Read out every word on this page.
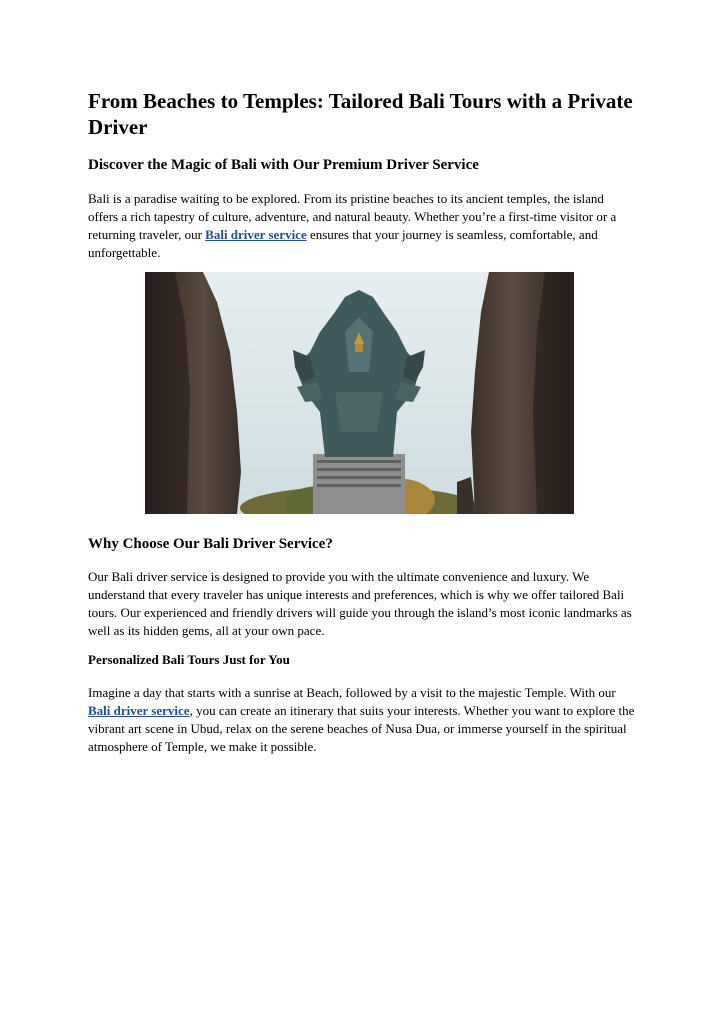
From Beaches to Temples: Tailored Bali Tours with a Private Driver
Discover the Magic of Bali with Our Premium Driver Service

Bali is a paradise waiting to be explored. From its pristine beaches to its ancient temples, the island offers a rich tapestry of culture, adventure, and natural beauty. Whether you’re a first-time visitor or a returning traveler, our Bali driver service ensures that your journey is seamless, comfortable, and unforgettable.

Why Choose Our Bali Driver Service?

Our Bali driver service is designed to provide you with the ultimate convenience and luxury. We understand that every traveler has unique interests and preferences, which is why we offer tailored Bali tours. Our experienced and friendly drivers will guide you through the island’s most iconic landmarks as well as its hidden gems, all at your own pace.

Personalized Bali Tours Just for You

Imagine a day that starts with a sunrise at Beach, followed by a visit to the majestic Temple. With our Bali driver service, you can create an itinerary that suits your interests. Whether you want to explore the vibrant art scene in Ubud, relax on the serene beaches of Nusa Dua, or immerse yourself in the spiritual atmosphere of Temple, we make it possible.
